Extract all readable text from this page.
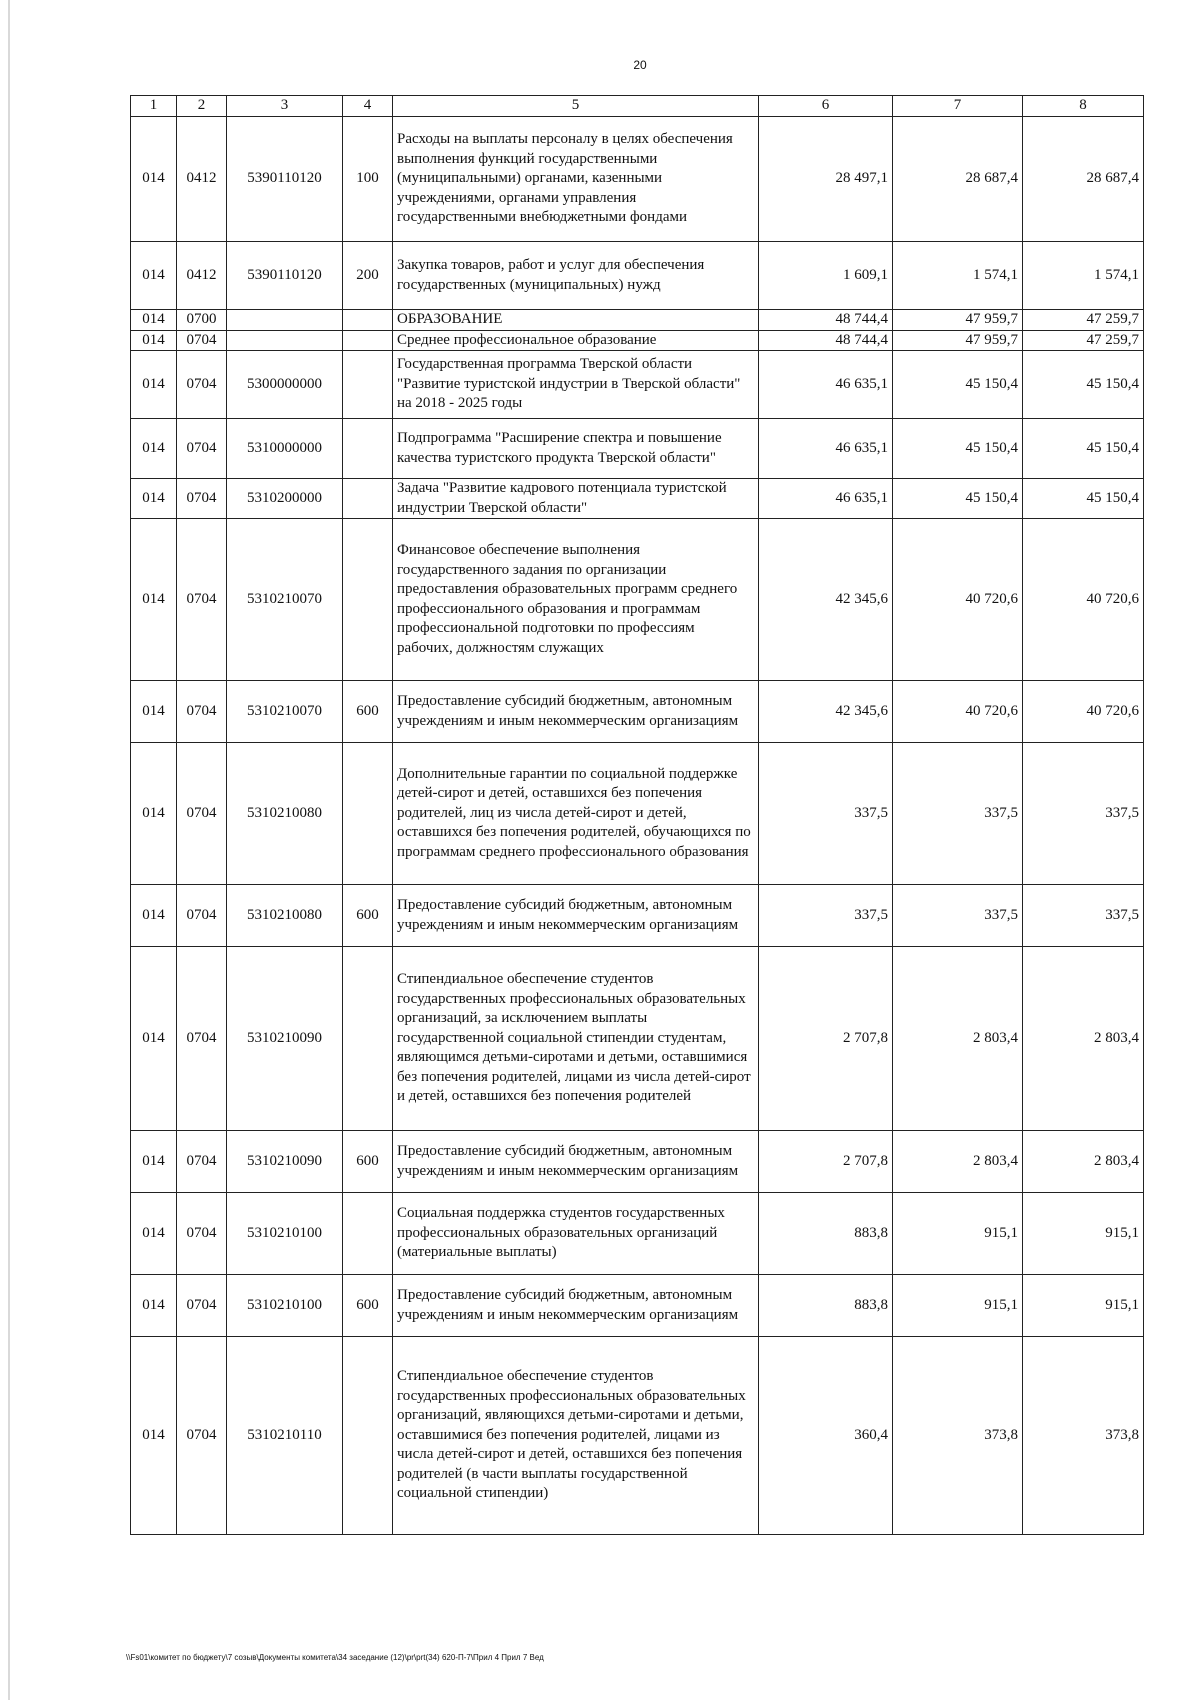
20
1	2	3	4	5	6	7	8
014	0412	5390110120	100	Расходы на выплаты персоналу в целях обеспечения выполнения функций государственными (муниципальными) органами, казенными учреждениями, органами управления государственными внебюджетными фондами	28 497,1	28 687,4	28 687,4
014	0412	5390110120	200	Закупка товаров, работ и услуг для обеспечения государственных (муниципальных) нужд	1 609,1	1 574,1	1 574,1
014	0700			ОБРАЗОВАНИЕ	48 744,4	47 959,7	47 259,7
014	0704			Среднее профессиональное образование	48 744,4	47 959,7	47 259,7
014	0704	5300000000		Государственная программа Тверской области "Развитие туристской индустрии в Тверской области" на 2018 - 2025 годы	46 635,1	45 150,4	45 150,4
014	0704	5310000000		Подпрограмма "Расширение спектра и повышение качества туристского продукта Тверской области"	46 635,1	45 150,4	45 150,4
014	0704	5310200000		Задача "Развитие кадрового потенциала туристской индустрии Тверской области"	46 635,1	45 150,4	45 150,4
014	0704	5310210070		Финансовое обеспечение выполнения государственного задания по организации предоставления образовательных программ среднего профессионального образования и программам профессиональной подготовки по профессиям рабочих, должностям служащих	42 345,6	40 720,6	40 720,6
014	0704	5310210070	600	Предоставление субсидий бюджетным, автономным учреждениям и иным некоммерческим организациям	42 345,6	40 720,6	40 720,6
014	0704	5310210080		Дополнительные гарантии по социальной поддержке детей-сирот и детей, оставшихся без попечения родителей, лиц из числа детей-сирот и детей, оставшихся без попечения родителей, обучающихся по программам среднего профессионального образования	337,5	337,5	337,5
014	0704	5310210080	600	Предоставление субсидий бюджетным, автономным учреждениям и иным некоммерческим организациям	337,5	337,5	337,5
014	0704	5310210090		Стипендиальное обеспечение студентов государственных профессиональных образовательных организаций, за исключением выплаты государственной социальной стипендии студентам, являющимся детьми-сиротами и детьми, оставшимися без попечения родителей, лицами из числа детей-сирот и детей, оставшихся без попечения родителей	2 707,8	2 803,4	2 803,4
014	0704	5310210090	600	Предоставление субсидий бюджетным, автономным учреждениям и иным некоммерческим организациям	2 707,8	2 803,4	2 803,4
014	0704	5310210100		Социальная поддержка студентов государственных профессиональных образовательных организаций (материальные выплаты)	883,8	915,1	915,1
014	0704	5310210100	600	Предоставление субсидий бюджетным, автономным учреждениям и иным некоммерческим организациям	883,8	915,1	915,1
014	0704	5310210110		Стипендиальное обеспечение студентов государственных профессиональных образовательных организаций, являющихся детьми-сиротами и детьми, оставшимися без попечения родителей, лицами из числа детей-сирот и детей, оставшихся без попечения родителей (в части выплаты государственной социальной стипендии)	360,4	373,8	373,8
\\Fs01\комитет по бюджету\7 созыв\Документы комитета\34 заседание (12)\pr\prt(34) 620-П-7\Прил 4 Прил 7 Вед
